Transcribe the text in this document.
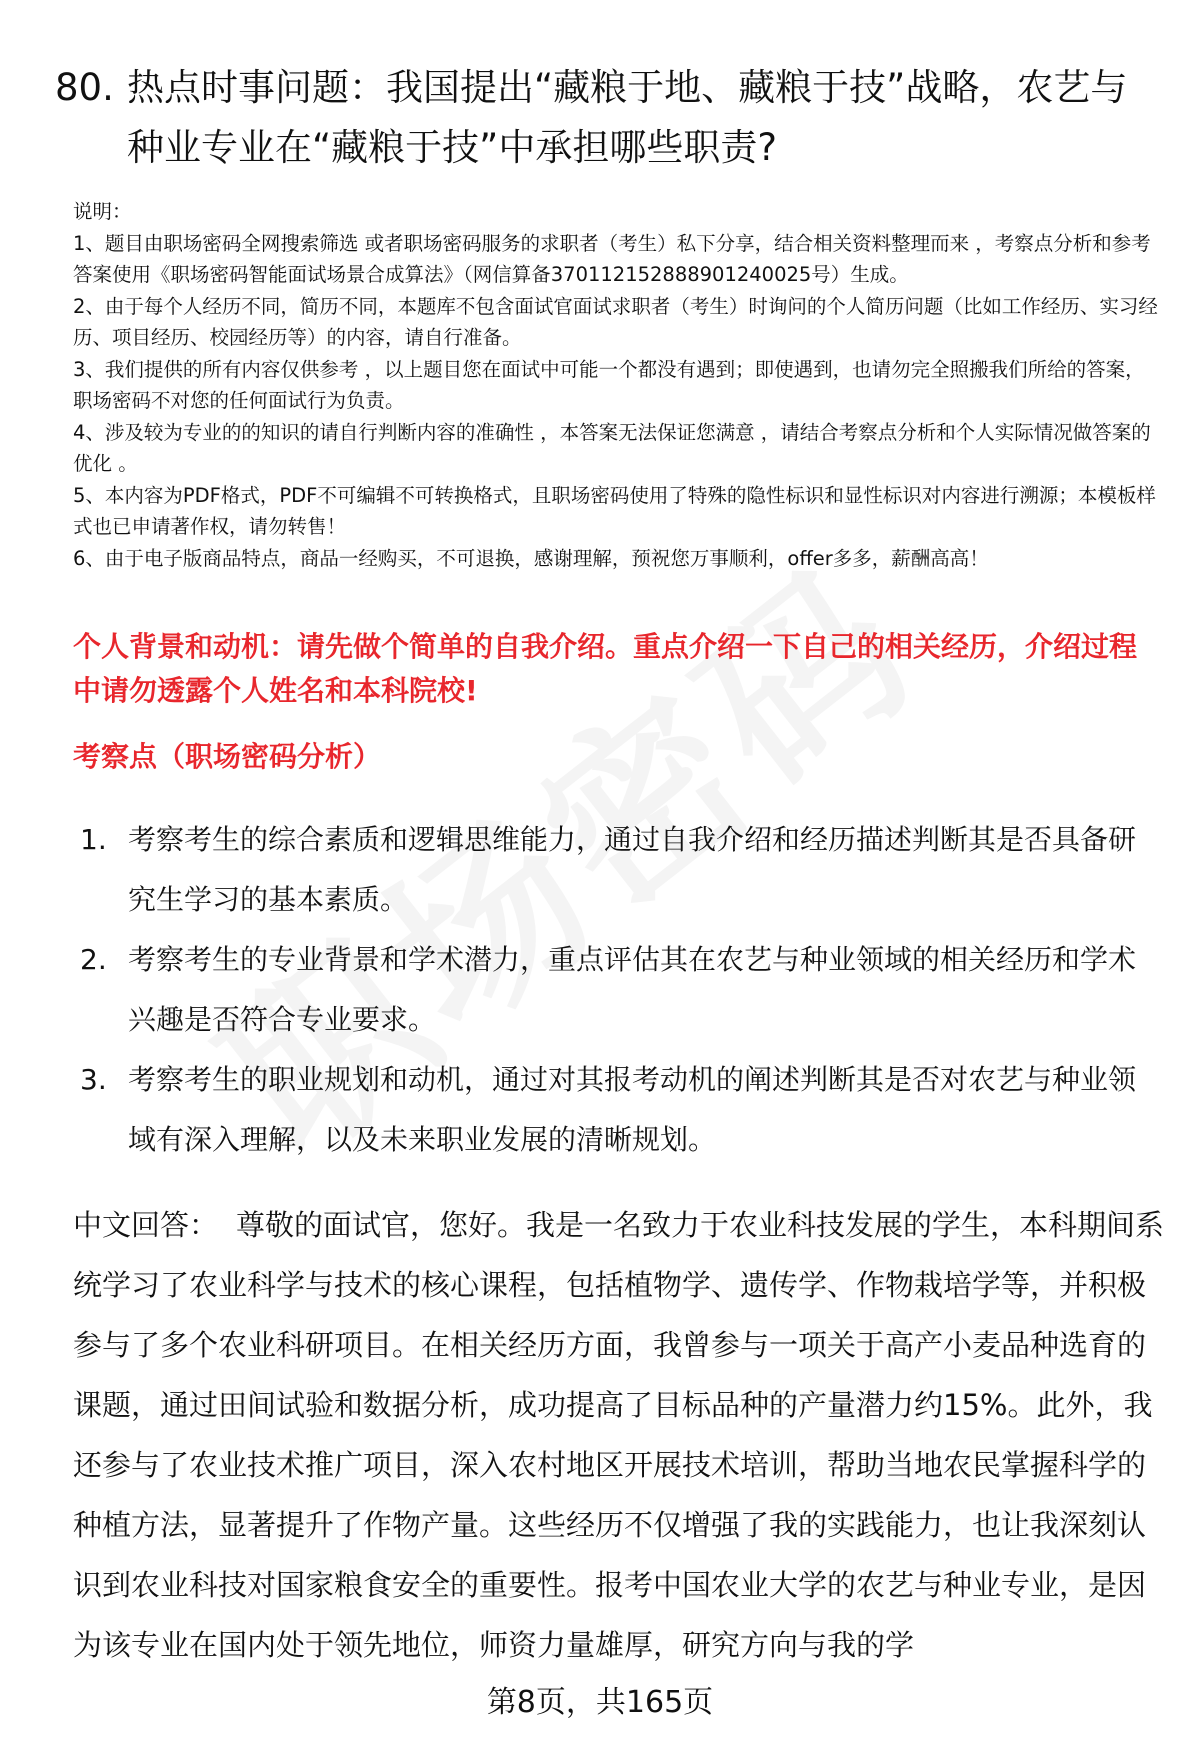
80. 热点时事问题：我国提出“藏粮于地、藏粮于技”战略，农艺与种业专业在“藏粮于技”中承担哪些职责?
说明：
1、题目由职场密码全网搜索筛选 或者职场密码服务的求职者（考生）私下分享，结合相关资料整理而来 ，考察点分析和参考答案使用《职场密码智能面试场景合成算法》（网信算备370112152888901240025号）生成。
2、由于每个人经历不同，简历不同，本题库不包含面试官面试求职者（考生）时询问的个人简历问题（比如工作经历、实习经历、项目经历、校园经历等）的内容，请自行准备。
3、我们提供的所有内容仅供参考 ，以上题目您在面试中可能一个都没有遇到；即使遇到，也请勿完全照搬我们所给的答案，职场密码不对您的任何面试行为负责。
4、涉及较为专业的的知识的请自行判断内容的准确性 ，本答案无法保证您满意 ，请结合考察点分析和个人实际情况做答案的优化 。
5、本内容为PDF格式，PDF不可编辑不可转换格式，且职场密码使用了特殊的隐性标识和显性标识对内容进行溯源；本模板样式也已申请著作权，请勿转售！
6、由于电子版商品特点，商品一经购买，不可退换，感谢理解，预祝您万事顺利，offer多多，薪酬高高！
个人背景和动机：请先做个简单的自我介绍。重点介绍一下自己的相关经历，介绍过程中请勿透露个人姓名和本科院校!
考察点（职场密码分析）
1. 考察考生的综合素质和逻辑思维能力，通过自我介绍和经历描述判断其是否具备研究生学习的基本素质。
2. 考察考生的专业背景和学术潜力，重点评估其在农艺与种业领域的相关经历和学术兴趣是否符合专业要求。
3. 考察考生的职业规划和动机，通过对其报考动机的阐述判断其是否对农艺与种业领域有深入理解，以及未来职业发展的清晰规划。
中文回答： 尊敬的面试官，您好。我是一名致力于农业科技发展的学生，本科期间系统学习了农业科学与技术的核心课程，包括植物学、遗传学、作物栽培学等，并积极参与了多个农业科研项目。在相关经历方面，我曾参与一项关于高产小麦品种选育的课题，通过田间试验和数据分析，成功提高了目标品种的产量潜力约15%。此外，我还参与了农业技术推广项目，深入农村地区开展技术培训，帮助当地农民掌握科学的种植方法，显著提升了作物产量。这些经历不仅增强了我的实践能力，也让我深刻认识到农业科技对国家粮食安全的重要性。报考中国农业大学的农艺与种业专业，是因为该专业在国内处于领先地位，师资力量雄厚，研究方向与我的学
第8页，共165页
